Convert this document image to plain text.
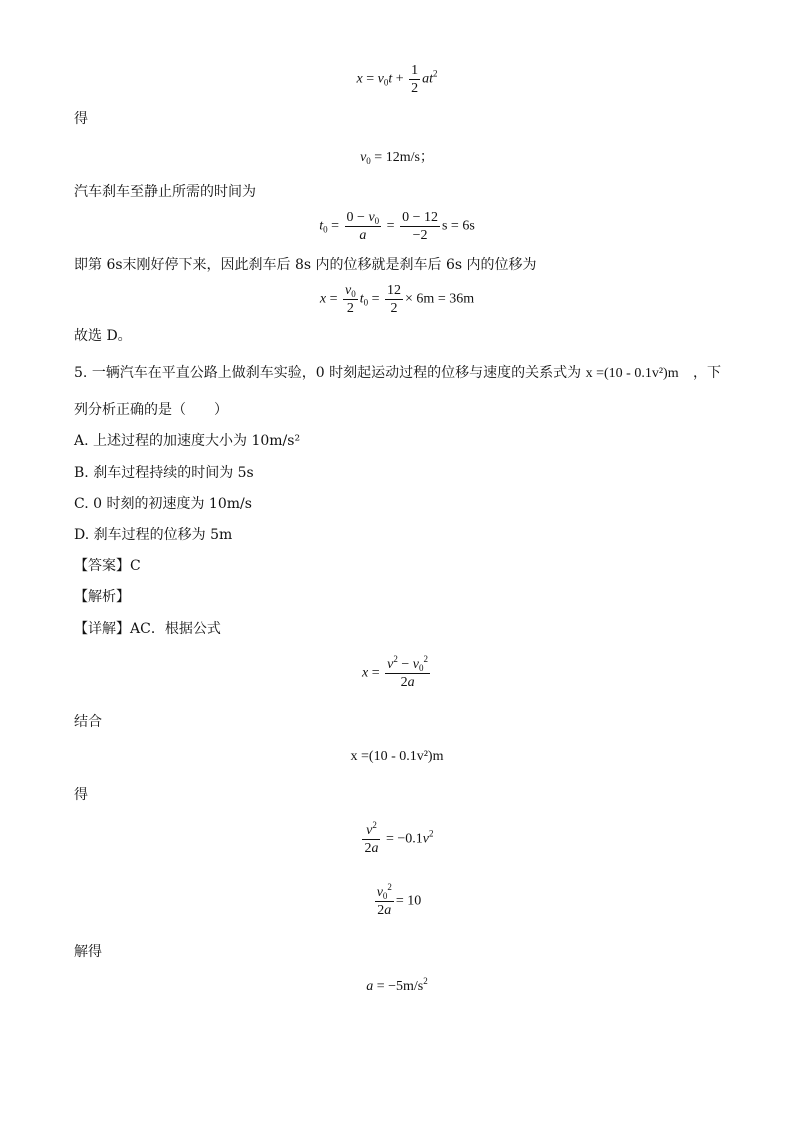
$x = v_0t + \frac{1}{2} at^2$
得
$v_0 = 12m/s$；
汽车刹车至静止所需的时间为
$t_0 = \frac{0 - v_0}{a} = \frac{0 - 12}{-2}$ s = 6s
即第 6s末刚好停下来，因此刹车后 8s 内的位移就是刹车后 6s 内的位移为
$x = \frac{v_0}{2} t_0 = \frac{12}{2} \times 6m = 36m$
故选 D。
5. 一辆汽车在平直公路上做刹车实验，0 时刻起运动过程的位移与速度的关系式为 x =(10 - 0.1v²)m ，下
列分析正确的是（　　）
A. 上述过程的加速度大小为 10m/s²
B. 刹车过程持续的时间为 5s
C. 0 时刻的初速度为 10m/s
D. 刹车过程的位移为 5m
【答案】C
【解析】
【详解】AC．根据公式
$x = \frac{v^2 - v_0^2}{2a}$
结合
x =(10 - 0.1v²)m
得
$\frac{v^2}{2a} = -0.1v^2$
$\frac{v_0^2}{2a} = 10$
解得
$a = -5m/s^2$
